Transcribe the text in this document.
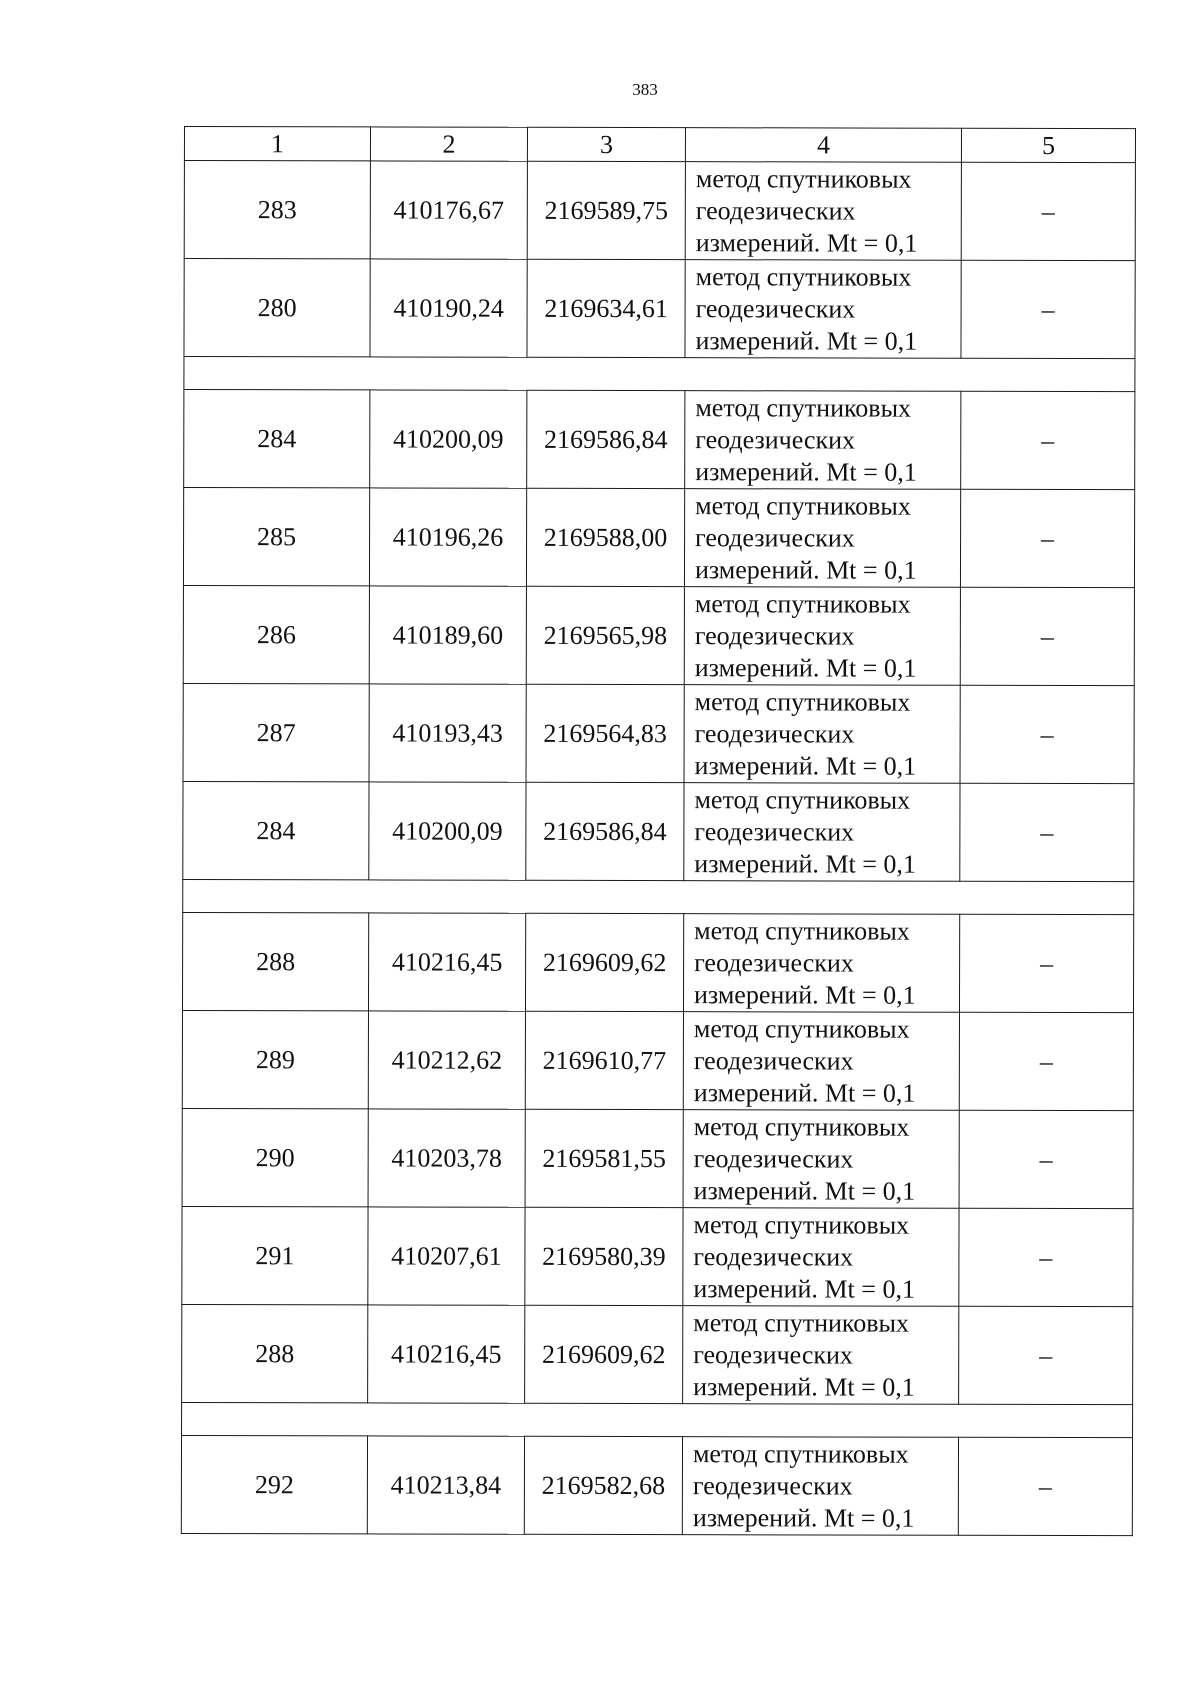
383
1	2	3	4	5
283	410176,67	2169589,75	метод спутниковых
геодезических
измерений. Mt = 0,1	–
280	410190,24	2169634,61	метод спутниковых
геодезических
измерений. Mt = 0,1	–

284	410200,09	2169586,84	метод спутниковых
геодезических
измерений. Mt = 0,1	–
285	410196,26	2169588,00	метод спутниковых
геодезических
измерений. Mt = 0,1	–
286	410189,60	2169565,98	метод спутниковых
геодезических
измерений. Mt = 0,1	–
287	410193,43	2169564,83	метод спутниковых
геодезических
измерений. Mt = 0,1	–
284	410200,09	2169586,84	метод спутниковых
геодезических
измерений. Mt = 0,1	–

288	410216,45	2169609,62	метод спутниковых
геодезических
измерений. Mt = 0,1	–
289	410212,62	2169610,77	метод спутниковых
геодезических
измерений. Mt = 0,1	–
290	410203,78	2169581,55	метод спутниковых
геодезических
измерений. Mt = 0,1	–
291	410207,61	2169580,39	метод спутниковых
геодезических
измерений. Mt = 0,1	–
288	410216,45	2169609,62	метод спутниковых
геодезических
измерений. Mt = 0,1	–

292	410213,84	2169582,68	метод спутниковых
геодезических
измерений. Mt = 0,1	–
